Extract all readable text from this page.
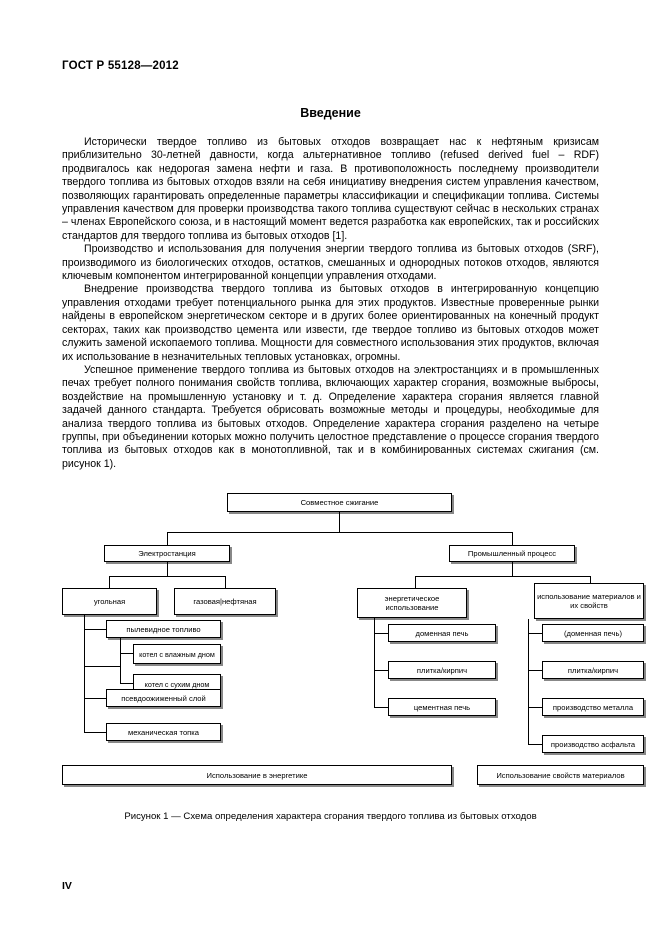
ГОСТ Р 55128—2012
Введение

Исторически твердое топливо из бытовых отходов возвращает нас к нефтяным кризисам приблизительно 30-летней давности, когда альтернативное топливо (refused derived fuel – RDF) продвигалось как недорогая замена нефти и газа. В противоположность последнему производители твердого топлива из бытовых отходов взяли на себя инициативу внедрения систем управления качеством, позволяющих гарантировать определенные параметры классификации и спецификации топлива. Системы управления качеством для проверки производства такого топлива существуют сейчас в нескольких странах – членах Европейского союза, и в настоящий момент ведется разработка как европейских, так и российских стандартов для твердого топлива из бытовых отходов [1].

Производство и использования для получения энергии твердого топлива из бытовых отходов (SRF), производимого из биологических отходов, остатков, смешанных и однородных потоков отходов, являются ключевым компонентом интегрированной концепции управления отходами.

Внедрение производства твердого топлива из бытовых отходов в интегрированную концепцию управления отходами требует потенциального рынка для этих продуктов. Известные проверенные рынки найдены в европейском энергетическом секторе и в других более ориентированных на конечный продукт секторах, таких как производство цемента или извести, где твердое топливо из бытовых отходов может служить заменой ископаемого топлива. Мощности для совместного использования этих продуктов, включая их использование в незначительных тепловых установках, огромны.

Успешное применение твердого топлива из бытовых отходов на электростанциях и в промышленных печах требует полного понимания свойств топлива, включающих характер сгорания, возможные выбросы, воздействие на промышленную установку и т. д. Определение характера сгорания является главной задачей данного стандарта. Требуется обрисовать возможные методы и процедуры, необходимые для анализа твердого топлива из бытовых отходов. Определение характера сгорания разделено на четыре группы, при объединении которых можно получить целостное представление о процессе сгорания твердого топлива из бытовых отходов как в монотопливной, так и в комбинированных системах сжигания (см. рисунок 1).

Совместное сжигание
Электростанция	Промышленный процесс
угольная	газовая|нефтяная	энергетическое использование
использование материалов и их свойств
пылевидное топливо
котел с влажным дном
котел с сухим дном
псевдоожиженный слой
механическая топка
доменная печь
плитка/кирпич
цементная печь
(доменная печь)
плитка/кирпич
производство металла
производство асфальта
Использование в энергетике	Использование свойств материалов
Рисунок 1 — Схема определения характера сгорания твердого топлива из бытовых отходов
IV
